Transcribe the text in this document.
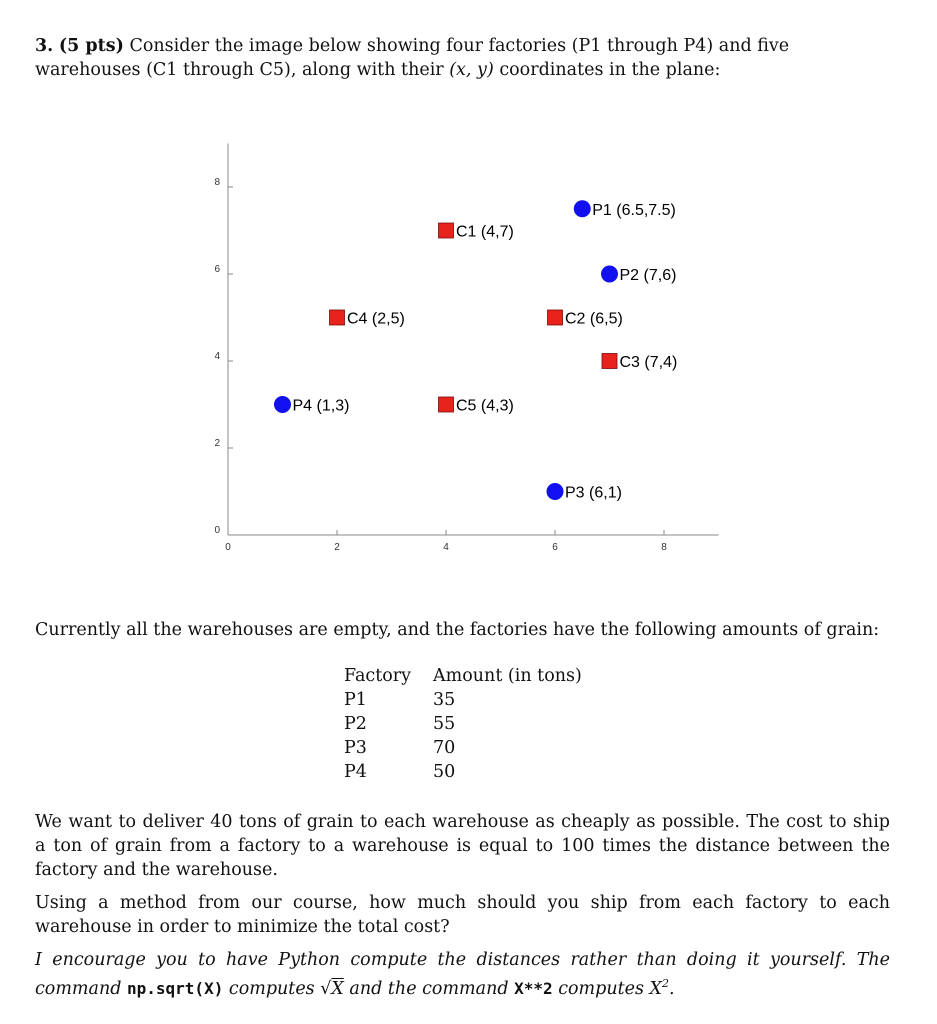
3. (5 pts) Consider the image below showing four factories (P1 through P4) and five warehouses (C1 through C5), along with their (x, y) coordinates in the plane:

0	2	4	6	8
0
2
4
6
8
P1 (6.5,7.5)
P2 (7,6)
P3 (6,1)
P4 (1,3)
C1 (4,7)
C2 (6,5)
C3 (7,4)
C4 (2,5)
C5 (4,3)

Currently all the warehouses are empty, and the factories have the following amounts of grain:

Factory	Amount (in tons)
P1	35
P2	55
P3	70
P4	50

We want to deliver 40 tons of grain to each warehouse as cheaply as possible. The cost to ship a ton of grain from a factory to a warehouse is equal to 100 times the distance between the factory and the warehouse.

Using a method from our course, how much should you ship from each factory to each warehouse in order to minimize the total cost?

I encourage you to have Python compute the distances rather than doing it yourself. The command np.sqrt(X) computes √X and the command X**2 computes $X^2$.
